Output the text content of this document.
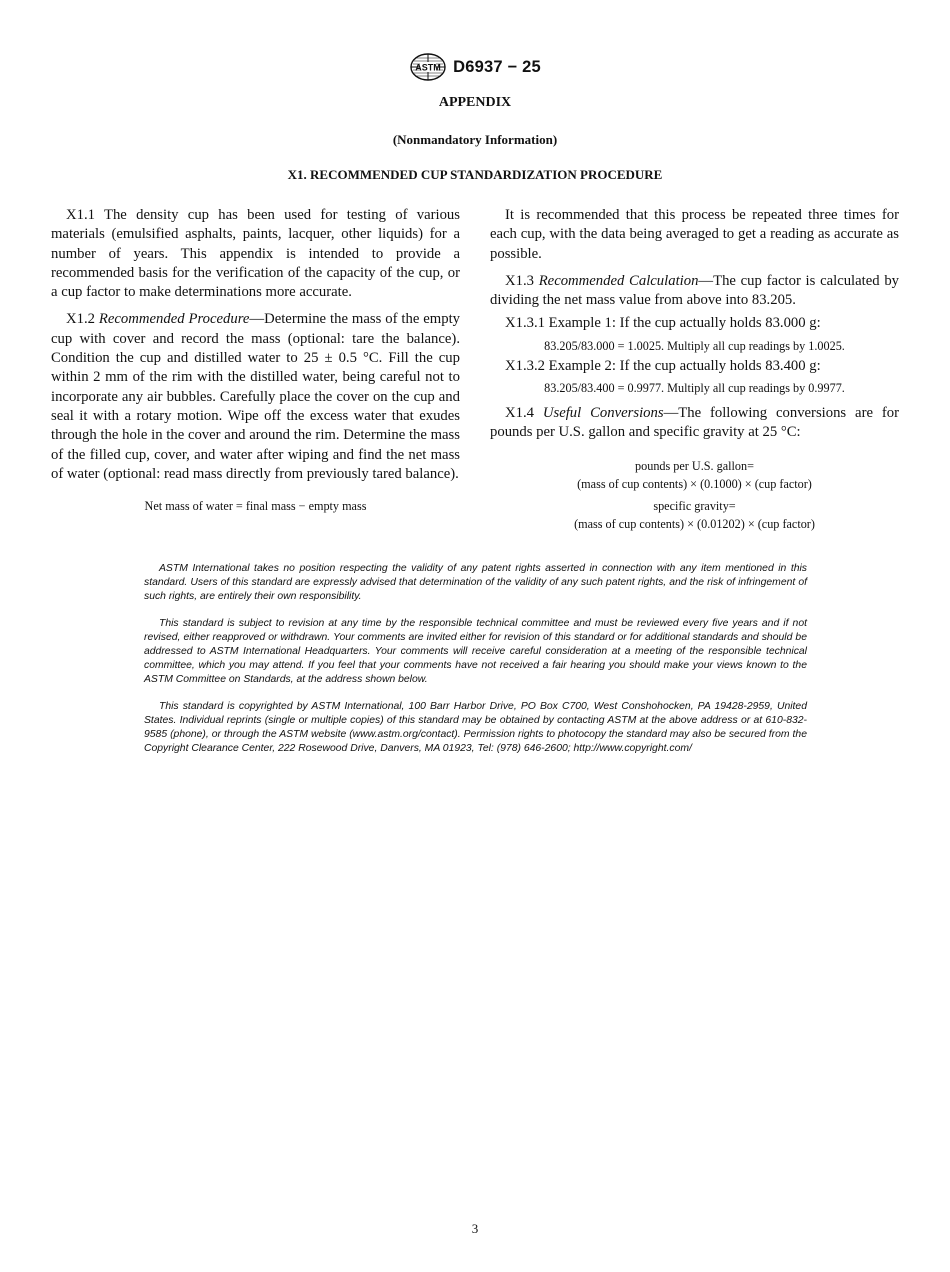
ASTM D6937 − 25
APPENDIX
(Nonmandatory Information)
X1. RECOMMENDED CUP STANDARDIZATION PROCEDURE

X1.1 The density cup has been used for testing of various materials (emulsified asphalts, paints, lacquer, other liquids) for a number of years. This appendix is intended to provide a recommended basis for the verification of the capacity of the cup, or a cup factor to make determinations more accurate.

X1.2 Recommended Procedure—Determine the mass of the empty cup with cover and record the mass (optional: tare the balance). Condition the cup and distilled water to 25 ± 0.5 °C. Fill the cup within 2 mm of the rim with the distilled water, being careful not to incorporate any air bubbles. Carefully place the cover on the cup and seal it with a rotary motion. Wipe off the excess water that exudes through the hole in the cover and around the rim. Determine the mass of the filled cup, cover, and water after wiping and find the net mass of water (optional: read mass directly from previously tared balance).

Net mass of water = final mass − empty mass

It is recommended that this process be repeated three times for each cup, with the data being averaged to get a reading as accurate as possible.

X1.3 Recommended Calculation—The cup factor is calculated by dividing the net mass value from above into 83.205.

X1.3.1 Example 1: If the cup actually holds 83.000 g:

83.205/83.000 = 1.0025. Multiply all cup readings by 1.0025.

X1.3.2 Example 2: If the cup actually holds 83.400 g:

83.205/83.400 = 0.9977. Multiply all cup readings by 0.9977.

X1.4 Useful Conversions—The following conversions are for pounds per U.S. gallon and specific gravity at 25 °C:

pounds per U.S. gallon=
(mass of cup contents) × (0.1000) × (cup factor)
specific gravity=
(mass of cup contents) × (0.01202) × (cup factor)

ASTM International takes no position respecting the validity of any patent rights asserted in connection with any item mentioned in this standard. Users of this standard are expressly advised that determination of the validity of any such patent rights, and the risk of infringement of such rights, are entirely their own responsibility.

This standard is subject to revision at any time by the responsible technical committee and must be reviewed every five years and if not revised, either reapproved or withdrawn. Your comments are invited either for revision of this standard or for additional standards and should be addressed to ASTM International Headquarters. Your comments will receive careful consideration at a meeting of the responsible technical committee, which you may attend. If you feel that your comments have not received a fair hearing you should make your views known to the ASTM Committee on Standards, at the address shown below.

This standard is copyrighted by ASTM International, 100 Barr Harbor Drive, PO Box C700, West Conshohocken, PA 19428-2959, United States. Individual reprints (single or multiple copies) of this standard may be obtained by contacting ASTM at the above address or at 610-832-9585 (phone), or through the ASTM website (www.astm.org/contact). Permission rights to photocopy the standard may also be secured from the Copyright Clearance Center, 222 Rosewood Drive, Danvers, MA 01923, Tel: (978) 646-2600; http://www.copyright.com/

3
